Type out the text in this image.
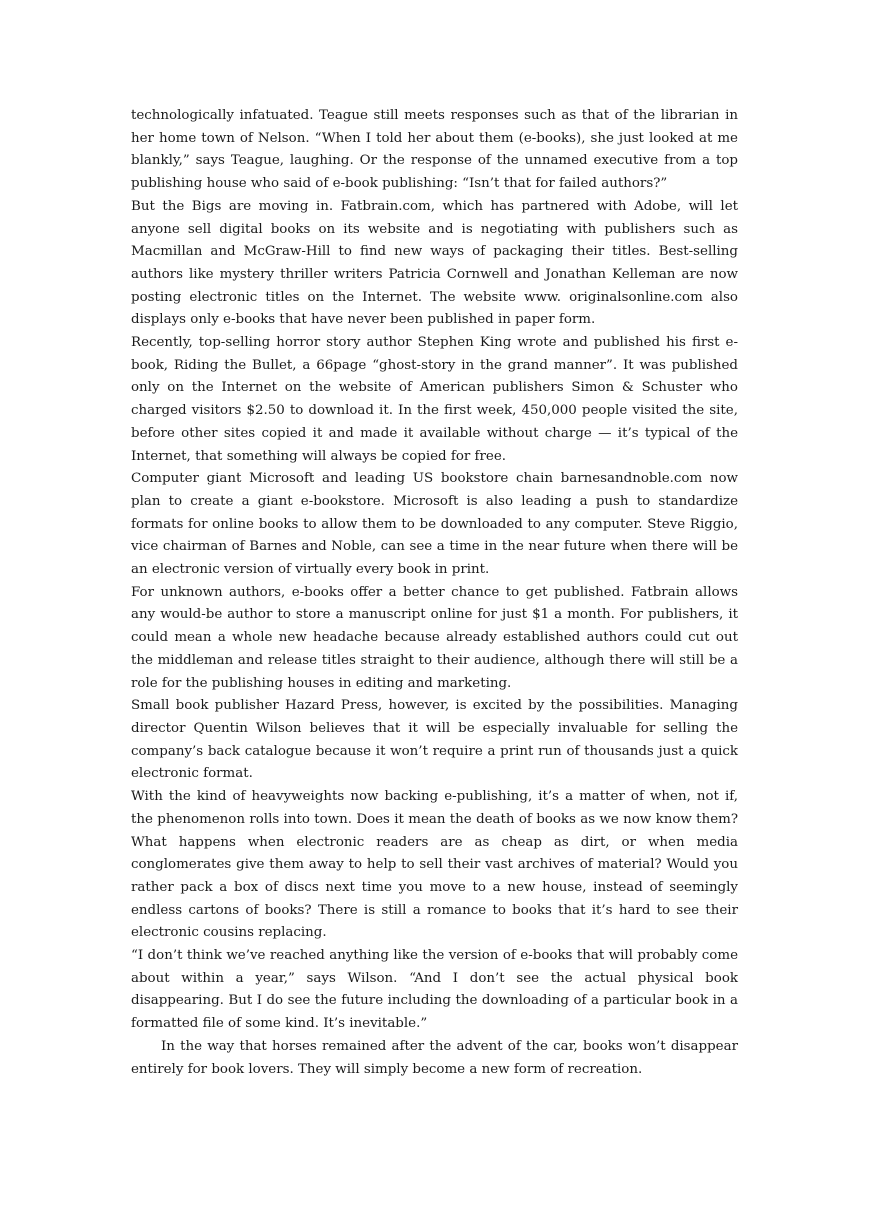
technologically infatuated. Teague still meets responses such as that of the librarian in her home town of Nelson. “When I told her about them (e-books), she just looked at me blankly,” says Teague, laughing. Or the response of the unnamed executive from a top publishing house who said of e-book publishing: “Isn’t that for failed authors?”

But the Bigs are moving in. Fatbrain.com, which has partnered with Adobe, will let anyone sell digital books on its website and is negotiating with publishers such as Macmillan and McGraw-Hill to find new ways of packaging their titles. Best-selling authors like mystery thriller writers Patricia Cornwell and Jonathan Kelleman are now posting electronic titles on the Internet. The website www. originalsonline.com also displays only e-books that have never been published in paper form.

Recently, top-selling horror story author Stephen King wrote and published his first e-book, Riding the Bullet, a 66page “ghost-story in the grand manner”. It was published only on the Internet on the website of American publishers Simon & Schuster who charged visitors $2.50 to download it. In the first week, 450,000 people visited the site, before other sites copied it and made it available without charge — it’s typical of the Internet, that something will always be copied for free.

Computer giant Microsoft and leading US bookstore chain barnesandnoble.com now plan to create a giant e-bookstore. Microsoft is also leading a push to standardize formats for online books to allow them to be downloaded to any computer. Steve Riggio, vice chairman of Barnes and Noble, can see a time in the near future when there will be an electronic version of virtually every book in print.

For unknown authors, e-books offer a better chance to get published. Fatbrain allows any would-be author to store a manuscript online for just $1 a month. For publishers, it could mean a whole new headache because already established authors could cut out the middleman and release titles straight to their audience, although there will still be a role for the publishing houses in editing and marketing.

Small book publisher Hazard Press, however, is excited by the possibilities. Managing director Quentin Wilson believes that it will be especially invaluable for selling the company’s back catalogue because it won’t require a print run of thousands just a quick electronic format.

With the kind of heavyweights now backing e-publishing, it’s a matter of when, not if, the phenomenon rolls into town. Does it mean the death of books as we now know them? What happens when electronic readers are as cheap as dirt, or when media conglomerates give them away to help to sell their vast archives of material? Would you rather pack a box of discs next time you move to a new house, instead of seemingly endless cartons of books? There is still a romance to books that it’s hard to see their electronic cousins replacing.

“I don’t think we’ve reached anything like the version of e-books that will probably come about within a year,” says Wilson. “And I don’t see the actual physical book disappearing. But I do see the future including the downloading of a particular book in a formatted file of some kind. It’s inevitable.”

In the way that horses remained after the advent of the car, books won’t disappear entirely for book lovers. They will simply become a new form of recreation.
